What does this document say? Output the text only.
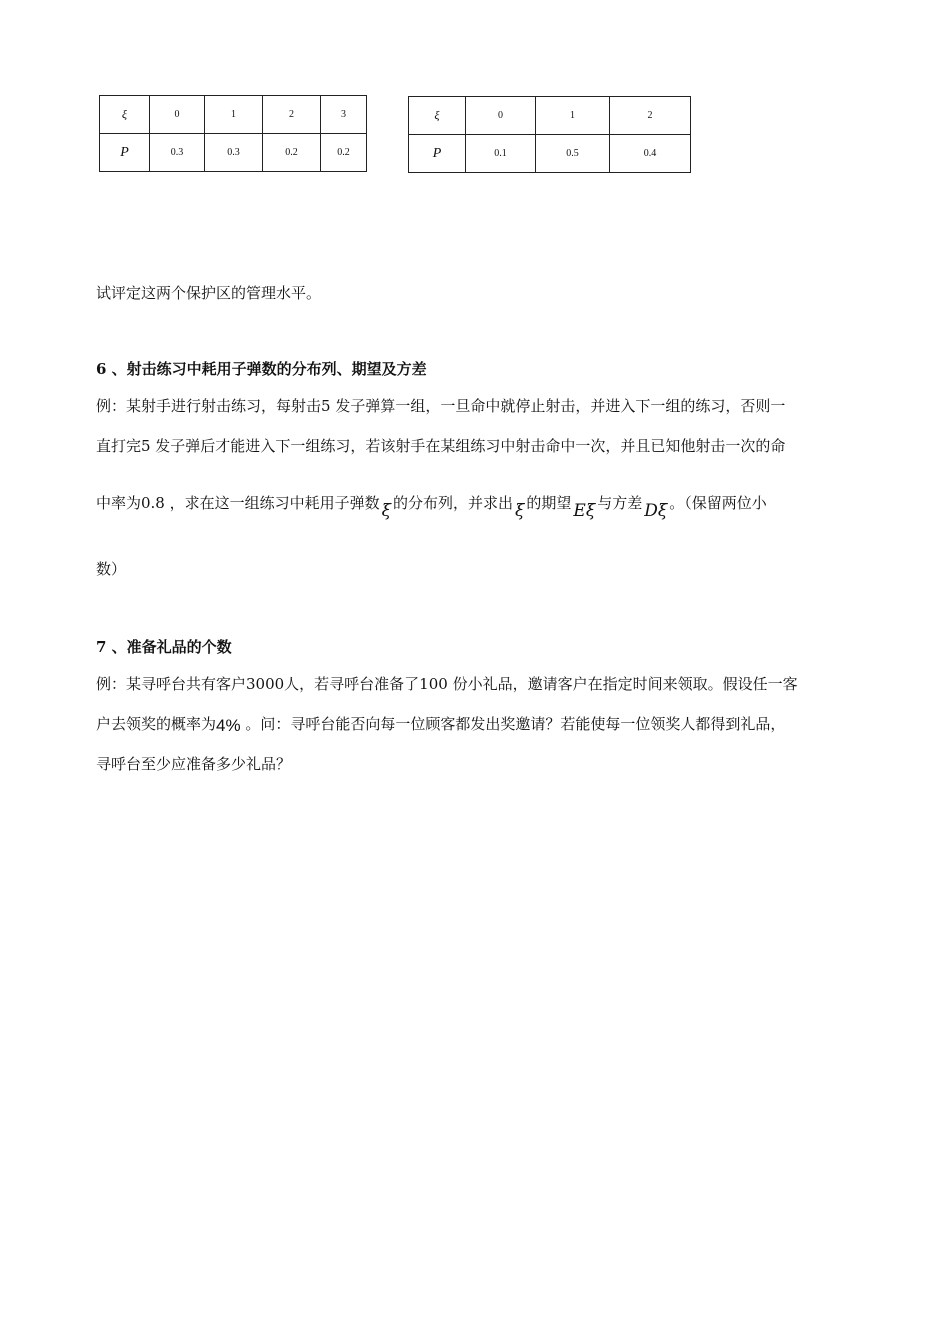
ξ	0	1	2	3
P	0.3	0.3	0.2	0.2
ξ	0	1	2
P	0.1	0.5	0.4
试评定这两个保护区的管理水平。
6 、射击练习中耗用子弹数的分布列、期望及方差
例：某射手进行射击练习，每射击5 发子弹算一组，一旦命中就停止射击，并进入下一组的练习，否则一
直打完5 发子弹后才能进入下一组练习，若该射手在某组练习中射击命中一次，并且已知他射击一次的命
中率为0.8 ，求在这一组练习中耗用子弹数 ξ 的分布列，并求出 ξ 的期望 Eξ 与方差 Dξ 。（保留两位小
数）
7 、准备礼品的个数
例：某寻呼台共有客户3000人，若寻呼台准备了100 份小礼品，邀请客户在指定时间来领取。假设任一客
户去领奖的概率为4% 。问：寻呼台能否向每一位顾客都发出奖邀请？若能使每一位领奖人都得到礼品，
寻呼台至少应准备多少礼品？
